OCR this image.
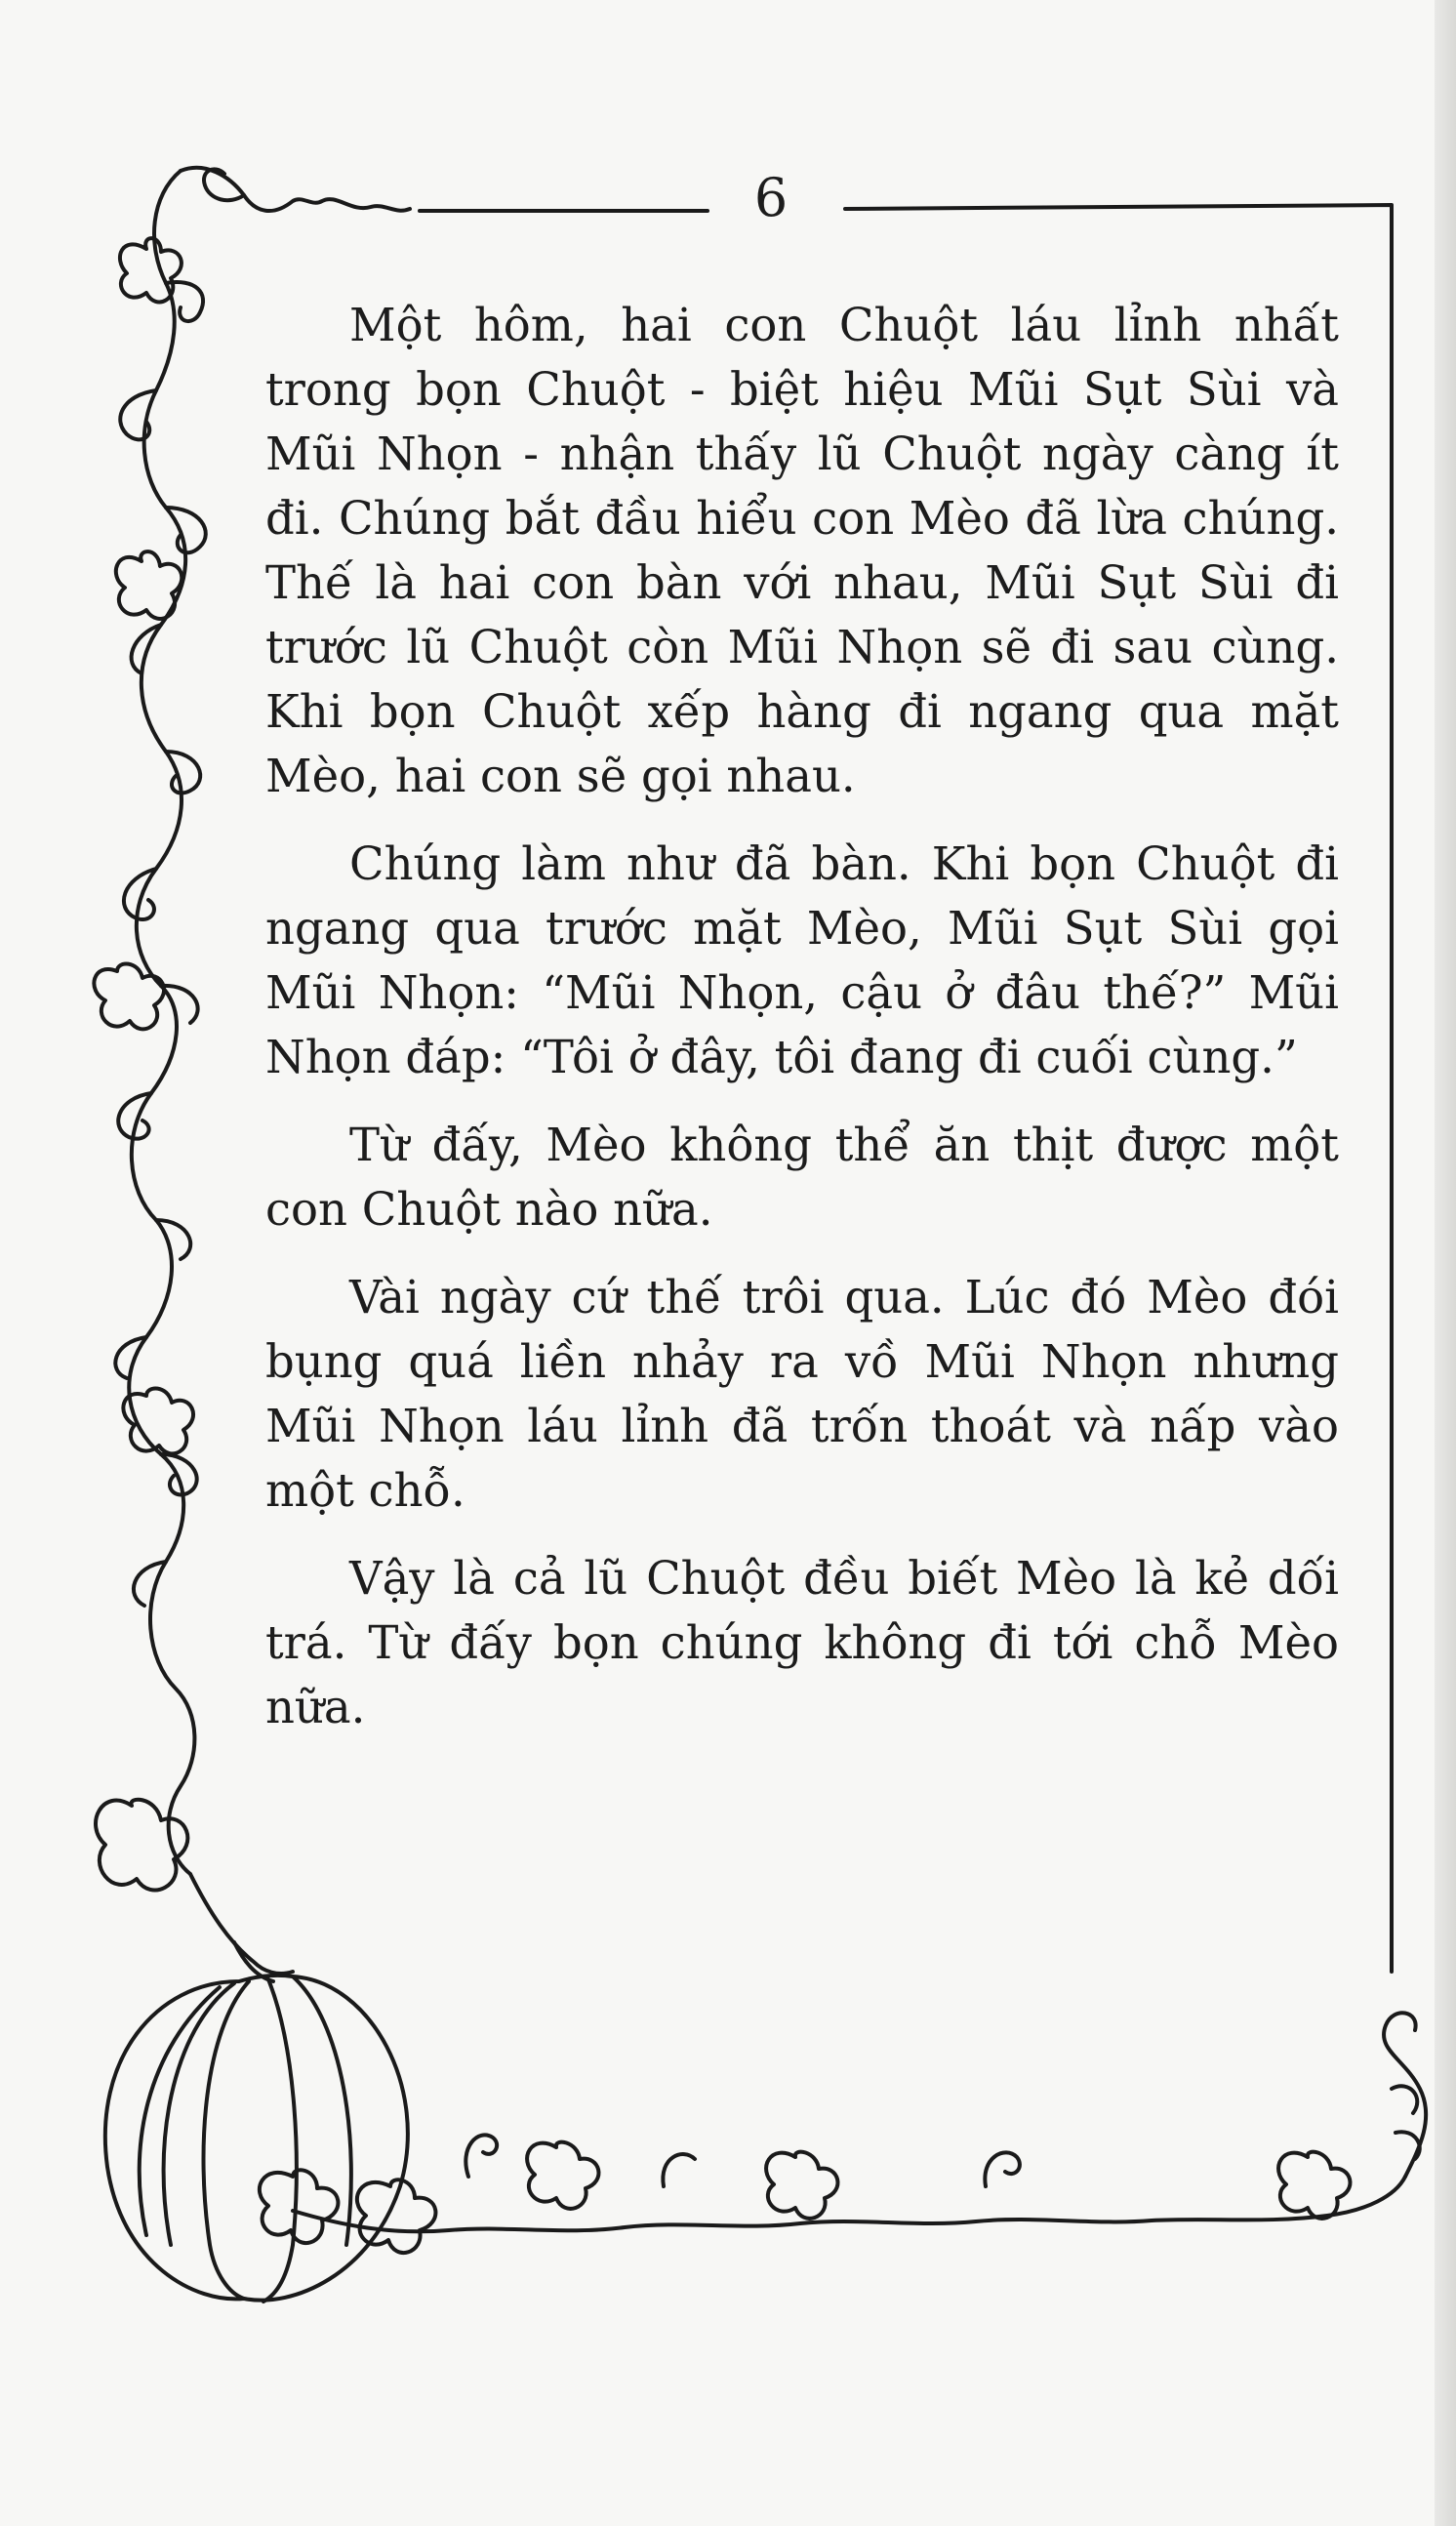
6

Một hôm, hai con Chuột láu lỉnh nhất trong bọn Chuột - biệt hiệu Mũi Sụt Sùi và Mũi Nhọn - nhận thấy lũ Chuột ngày càng ít đi. Chúng bắt đầu hiểu con Mèo đã lừa chúng. Thế là hai con bàn với nhau, Mũi Sụt Sùi đi trước lũ Chuột còn Mũi Nhọn sẽ đi sau cùng. Khi bọn Chuột xếp hàng đi ngang qua mặt Mèo, hai con sẽ gọi nhau.

Chúng làm như đã bàn. Khi bọn Chuột đi ngang qua trước mặt Mèo, Mũi Sụt Sùi gọi Mũi Nhọn: “Mũi Nhọn, cậu ở đâu thế?” Mũi Nhọn đáp: “Tôi ở đây, tôi đang đi cuối cùng.”

Từ đấy, Mèo không thể ăn thịt được một con Chuột nào nữa.

Vài ngày cứ thế trôi qua. Lúc đó Mèo đói bụng quá liền nhảy ra vồ Mũi Nhọn nhưng Mũi Nhọn láu lỉnh đã trốn thoát và nấp vào một chỗ.

Vậy là cả lũ Chuột đều biết Mèo là kẻ dối trá. Từ đấy bọn chúng không đi tới chỗ Mèo nữa.
